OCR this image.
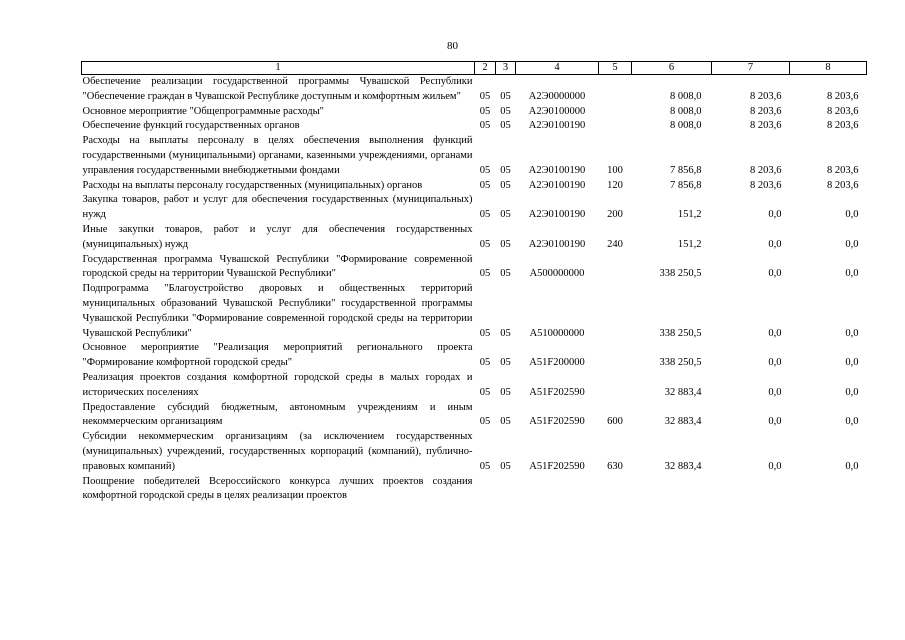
80
1	2	3	4	5	6	7	8
Обеспечение реализации государственной программы Чувашской Республики "Обеспечение граждан в Чувашской Республике доступным и комфортным жильем"	05	05	А2Э0000000		8 008,0	8 203,6	8 203,6
Основное мероприятие "Общепрограммные расходы"	05	05	А2Э0100000		8 008,0	8 203,6	8 203,6
Обеспечение функций государственных органов	05	05	А2Э0100190		8 008,0	8 203,6	8 203,6
Расходы на выплаты персоналу в целях обеспечения выполнения функций государственными (муниципальными) органами, казенными учреждениями, органами управления государственными внебюджетными фондами	05	05	А2Э0100190	100	7 856,8	8 203,6	8 203,6
Расходы на выплаты персоналу государственных (муниципальных) органов	05	05	А2Э0100190	120	7 856,8	8 203,6	8 203,6
Закупка товаров, работ и услуг для обеспечения государственных (муниципальных) нужд	05	05	А2Э0100190	200	151,2	0,0	0,0
Иные закупки товаров, работ и услуг для обеспечения государственных (муниципальных) нужд	05	05	А2Э0100190	240	151,2	0,0	0,0
Государственная программа Чувашской Республики "Формирование современной городской среды на территории Чувашской Республики"	05	05	А500000000		338 250,5	0,0	0,0
Подпрограмма "Благоустройство дворовых и общественных территорий муниципальных образований Чувашской Республики" государственной программы Чувашской Республики "Формирование современной городской среды на территории Чувашской Республики"	05	05	А510000000		338 250,5	0,0	0,0
Основное мероприятие "Реализация мероприятий регионального проекта "Формирование комфортной городской среды"	05	05	А51F200000		338 250,5	0,0	0,0
Реализация проектов создания комфортной городской среды в малых городах и исторических поселениях	05	05	А51F202590		32 883,4	0,0	0,0
Предоставление субсидий бюджетным, автономным учреждениям и иным некоммерческим организациям	05	05	А51F202590	600	32 883,4	0,0	0,0
Субсидии некоммерческим организациям (за исключением государственных (муниципальных) учреждений, государственных корпораций (компаний), публично-правовых компаний)	05	05	А51F202590	630	32 883,4	0,0	0,0
Поощрение победителей Всероссийского конкурса лучших проектов создания комфортной городской среды в целях реализации проектов							
